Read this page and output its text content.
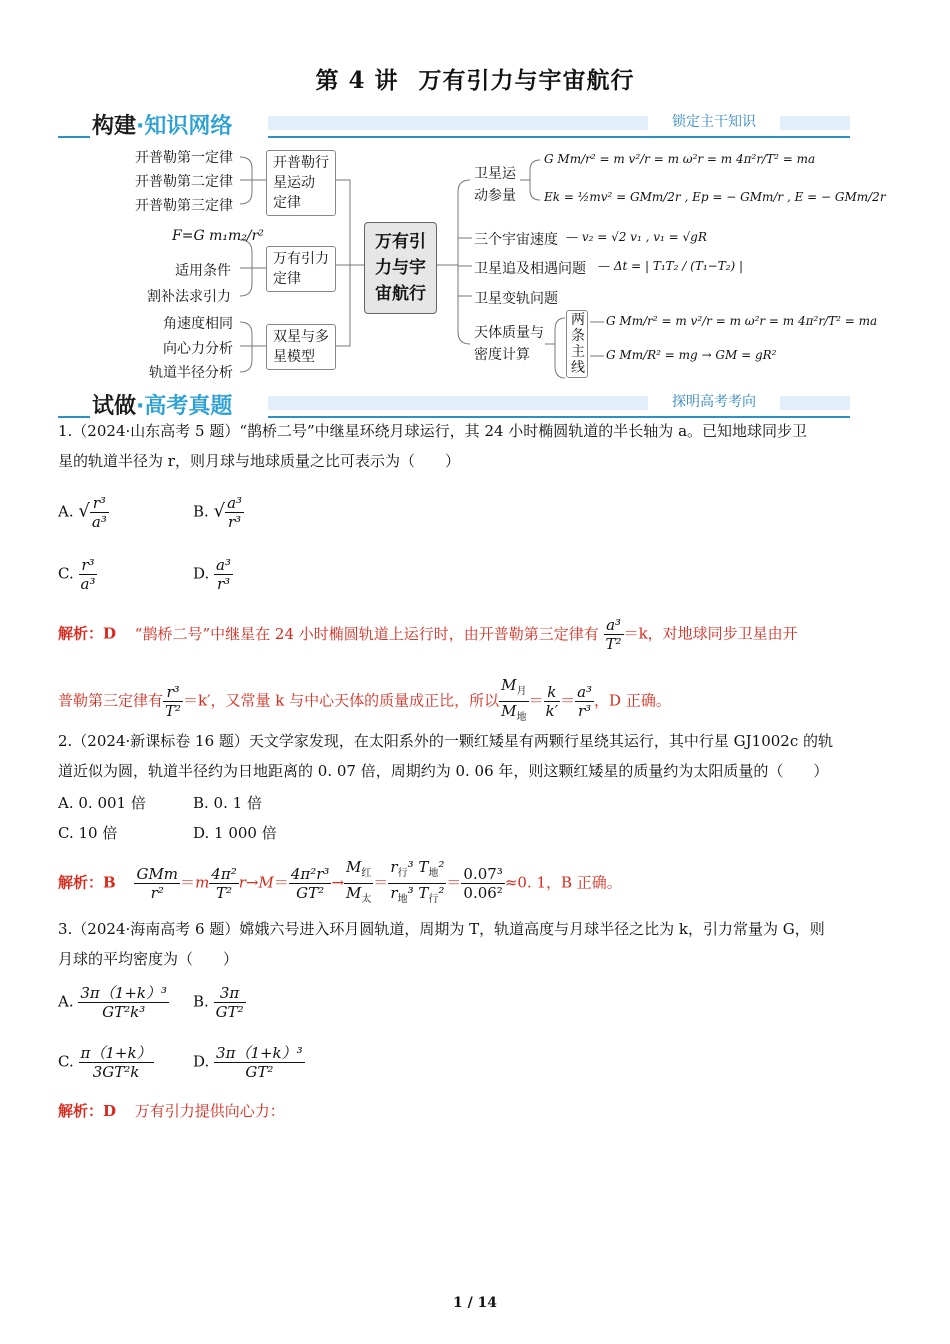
第 4 讲 万有引力与宇宙航行
构建·知识网络	锁定主干知识
开普勒第一定律
开普勒第二定律
开普勒第三定律
开普勒行
星运动
定律
F=G m₁m₂/r²
适用条件
割补法求引力
万有引力
定律
角速度相同
向心力分析
轨道半径分析
双星与多
星模型
万有引
力与宇
宙航行
卫星运
动参量
G Mm/r² = m v²/r = m ω²r = m 4π²r/T² = ma
Ek = ½mv² = GMm/2r , Ep = − GMm/r , E = − GMm/2r
三个宇宙速度 — v₂ = √2 v₁ , v₁ = √gR
卫星追及相遇问题 — Δt = | T₁T₂ / (T₁−T₂) |
卫星变轨问题
天体质量与
密度计算
两
条
主
线
G Mm/r² = m v²/r = m ω²r = m 4π²r/T² = ma
G Mm/R² = mg → GM = gR²
试做·高考真题	探明高考考向
1.（2024·山东高考 5 题）“鹊桥二号”中继星环绕月球运行，其 24 小时椭圆轨道的半长轴为 a。已知地球同步卫
星的轨道半径为 r，则月球与地球质量之比可表示为（　　）
A. √ $\frac{\text{r³}}{\text{a³}}$	B. √ $\frac{\text{a³}}{\text{r³}}$
C. $\frac{\text{r³}}{\text{a³}}$	D. $\frac{\text{a³}}{\text{r³}}$
解析：D “鹊桥二号”中继星在 24 小时椭圆轨道上运行时，由开普勒第三定律有 $\frac{\text{a³}}{\text{T²}} =k$，对地球同步卫星由开
普勒第三定律有 $\frac{\text{r³}}{\text{T²}} =k'$，又常量 k 与中心天体的质量成正比，所以 $\frac{M_月}{M_地} = \frac{k}{k'} = \frac{\text{a³}}{\text{r³}}$ ，D 正确。
2.（2024·新课标卷 16 题）天文学家发现，在太阳系外的一颗红矮星有两颗行星绕其运行，其中行星 GJ1002c 的轨
道近似为圆，轨道半径约为日地距离的 0. 07 倍，周期约为 0. 06 年，则这颗红矮星的质量约为太阳质量的（　　）
A. 0. 001 倍	B. 0. 1 倍
C. 10 倍	D. 1 000 倍
解析：B $\frac{\text{GMm}}{\text{r²}} =m \frac{\text{4π²}}{\text{T²}} r\to M= \frac{\text{4π²r³}}{\text{GT²}} \to \frac{M_红}{M_太} = \frac{r_行^3 T_地^2}{r_地^3 T_行^2} = \frac{\text{0.07³}}{\text{0.06²}} \approx 0$. 1，B 正确。
3.（2024·海南高考 6 题）嫦娥六号进入环月圆轨道，周期为 T，轨道高度与月球半径之比为 k，引力常量为 G，则
月球的平均密度为（　　）
A. $\frac{\text{3π（1+k）³}}{\text{GT²k³}} B$. $\frac{3\pi}{\text{GT²}}$
C. $\frac{\pi(1+k)}{\text{3GT²k}}$	D. $\frac{\text{3π（1+k）³}}{\text{GT²}}$
解析：D 万有引力提供向心力：
1 / 14
